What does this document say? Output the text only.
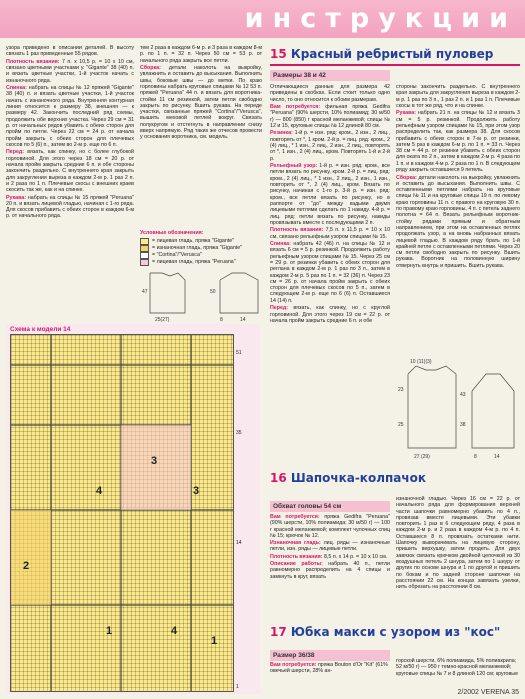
инструкции

узора приведено в описании деталей. В высоту связать 1 раз приведенные 55 рядов.

Плотность вязания: 7 п. х 10,5 р. = 10 х 10 см, связано цветными участками у. "Gigante" 38 (40) п. и вязать цветные участки, 1-й участок начать с изнаночного ряда.

Спинка: набрать на спицы № 12 пряжей "Gigante" 38 (40) п. и вязать цветные участки, 1-й участок начать с изнаночного ряда. Внутренняя контурная линия относится к размеру 38, внешняя — к размеру 42. Закончить последний ряд схемы, продолжить обе верхних участка. Через 29 см = 31 р. от начальных рядов убавить с обеих сторон для пройм по петле. Через 22 см = 24 р. от начала пройм закрыть с обеих сторон для плечевых скосов по 5 (6) п., затем во 2-м р. еще по 6 п.

Перед: вязать, как спинку, но с более глубокой горловиной. Для этого через 18 см = 20 р. от начала пройм закрыть средние 6 п. и обе стороны закончить раздельно. С внутреннего края закрыть для закругления выреза в каждом 2-м р. 1 раз 2 п. и 2 раза по 1 п. Плечевые скосы с внешних краев скосить так же, как и на спинке.

Рукава: набрать на спицы № 15 пряжей "Peruana" 20 п. и вязать лицевой гладью, начиная с 1-го ряда. Для скосов прибавить с обеих сторон в каждом 6-м р. от начального ряда.

тем 2 раза в каждом 6-м р. и 3 раза в каждом 8-м р. по 1 п. = 32 п. Через 50 см = 53 р. от начального ряда закрыть все петли.

Сборка: детали наколоть на выкройку, увлажнить и оставить до высыхания. Выполнить швы, боковые швы — до метки. По краю горловины набрать круговые спицами № 12 53 п. пряжей "Peruana" 44 п. и вязать для воротника-стойки 11 см резинкой, затем петли свободно закрыть по рисунку. Вшить рукава. На переде участки, связанные пряжей "Cortina"/"Verusca", вышить меховой петлей вокруг. Связать полукругом и отстегнуть в направлении снизу вверх напрямую. Ряд таких же отчесов провести у основания воротника, см. модель.

Условные обозначения:
= лицевая гладь, пряжа "Gigante"
= изнаночная гладь, пряжа "Gigante"
= "Cortina"/"Verusca"
= лицевая гладь, пряжа "Peruana"
25(27)	8	14
47	50
Схема к модели 14
3
4	3
2
1	4
1
51
35
14
1
15 Красный ребристый пуловер
Размеры 38 и 42

Отличающиеся данные для размера 42 приведены в скобках. Если стоит только одно число, то оно относится к обоим размерам.

Вам потребуется: фильная пряжа Gedifra "Peruana" (90% шерсти, 10% полиамид; 30 м/50 г) — 800 (850) г красной меланжевой; спицы № 12 и 15, круговые спицы № 12 длиной 80 см.

Резинка: 1-й р. = изн. ряд: кром., 2 изн., 2 лиц., повторять от *, 1 кром. 2-й р. = лиц. ряд: кром., 2 (4) лиц., * 1 изн., 2 лиц., 2 изн., 2 лиц., повторять от *, 1 изн., 2 (4) лиц., кром. Повторять 1-й и 2-й р.

Рельефный узор: 1-й р. = изн. ряд: кром., все петли вязать по рисунку, кром. 2-й р. = лиц. ряд: кром., 2 (4) лиц., * 1 изн., 2 лиц., 2 изн., 1 изн., повторить от *, 2 (4) лиц., кром. Вязать по рисунку, начиная с 1-го р. 3-й р. = изн. ряд: кром., все петли вязать по рисунку, но в раппорте от "до" между кадыми двумя лицевыми петлями сделать по 1 накиду. 4-й р. = лиц. ряд: петли вязать по рисунку, накиды провязывать вместе с последующими 2 п.

Плотность вязания: 7,5 п. х 11,5 р. = 10 х 10 см, связано рельефным узором спицами № 15.

Спинка: набрать 42 (46) п. на спицы № 12 и вязать 6 см = 5 р. резинкой. Продолжить работу рельефным узором спицами № 15. Через 25 см = 29 р. от резинки убавить с обеих сторон для реглана в каждом 2-м р. 1 раз по 3 п., затем в каждом 2-м р. 5 раз по 1 п. = 32 (36) п. Через 23 см = 26 р. от начала пройм закрыть с обеих сторон для плечевых скосов по 5 п., затем в следующем 2-м р. еще по 6 (6) п. Оставшиеся 14 (14) п.

Перед: вязать, как спинку, но с круглой горловиной. Для этого через 19 см = 22 р. от начала пройм закрыть средние 6 п. и обе

стороны закончить раздельно. С внутреннего края закрыть для закругления выреза в каждом 2-м р. 1 раз по 3 п., 1 раз 2 п. и 1 раз 1 п. Плечевые скосы в тот же ряд, что и на спинке.

Рукава: набрать 21 п. на спицы № 12 и вязать 3 см = 5 р. резинкой. Продолжить работу рельефным узором спицами № 15, при этом узор распределить так, как размера 38. Для скосов прибавить с обеих сторон в 7-м р. от резинки, затем 5 раз в каждом 6-м р. по 1 п. = 33 п. Через 38 см = 44 р. от резинки убавить с обеих сторон для оката по 2 п., затем в каждом 2-м р. 4 раза по 1 п. и в каждом 4-м р. 2 раза по 1 п. В следующем ряду закрыть оставшиеся 9 петель.

Сборка: детали наколоть на выкройку, увлажнить и оставить до высыхания. Выполнить швы. С оставленными петлями набрать на круговые спицы № 11 и на круговые спицы 19 п. по левому краю горловины 11 п. с правого на круговую 30 п. по правому краю горловины, 4 п. с петель заднего полотна = 64 п. Вязать рельефным воротник-стойку рядами прямым и обратным направлением, при этом на оставленных петлях продолжать узор, а на вновь набранных вязать лицевой гладью. В каждом ряду брать по 1-й крайней петле с оставленными петлями. Через 20 см петли свободно закрыть по рисунку. Вшить рукава. Воротник на половинную ширину отвернуть внутрь и пришить. Вшить рукава.

10 (11)(3)
27 (29)	8	14
25
23
38
43
16 Шапочка-колпачок
Обхват головы 54 см

Вам потребуется: пряжа Gedifra "Peruana" (90% шерсти, 10% полиамида; 30 м/50 г) — 100 г красной меланжевой; комплект чулочных спиц № 15; крючок № 12.

Изнаночная гладь: лиц. ряды — изнаночные петли, изн. ряды — лицевые петли.

Плотность вязания: 8,5 п. х 14 р. = 10 х 10 см.

Описание работы: набрать 40 п., петли равномерно распределить на 4 спицы и замкнуть в круг, вязать

изнаночной гладью. Через 16 см = 22 р. от начального ряда для формирования верхней части шапочки равномерно убавить по 4 п., провязав вместе лицевыми. Эти убавки повторить 1 раз в 6 следующем ряду, 4 раза в каждом 2-м р. и 2 раза в каждом 4-м р. по 4 п. Оставшиеся 8 п. провязать остатками нити. Шапочку выворачивать на лицевую сторону, пришить верхушку, затем продеть. Для двух завязок связать крючком двойной цепочкой из 30 воздушных петель 2 шнура, затем по 1 шнуру от других по основе шнура и 1 по другой и пришить по бокам и по задней стороне шапочки на расстоянии 22 см. На концах завязать узелки, нить обрезать на расстоянии 8 см.
17 Юбка макси с узором из "кос"
Размер 36/38
Вам потребуется: пряжа Bouton d'Or "Kit" (61% овечьей шерсти, 28% ан-
горской шерсти, 6% полиамида, 5% полиакрила; 52 м/50 г) — 950 г темно-красной меланжевой; круговые спицы № 7 и 8 длиной 120 см; круговые
2/2002 VERENA 35
